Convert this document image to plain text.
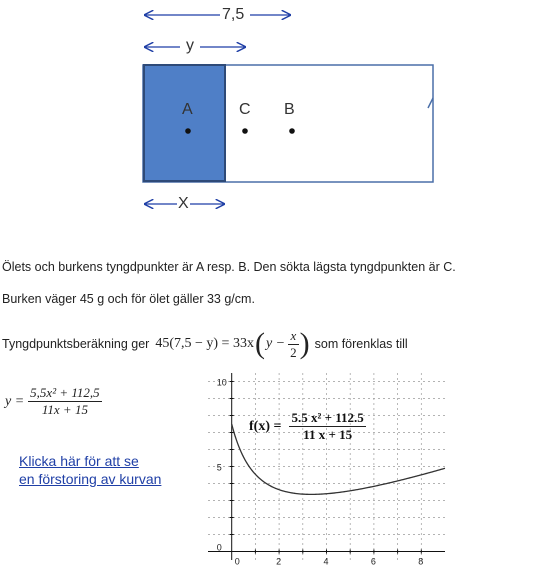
7,5
y
X
A	C B
Ölets och burkens tyngdpunkter är A resp. B. Den sökta lägsta tyngdpunkten är C.
Burken väger 45 g och för ölet gäller 33 g/cm.
Tyngdpunktsberäkning ger 45(7,5 − y) = 33x ( $y - \frac{x}{2}$ ) som förenklas till
$y = \frac{\text{5,5x² + 112,5}}{11x + 15}$
Klicka här för att se
en förstoring av kurvan
0	2	4	6	8
0
5
10
$f(x) = \frac{\text{5.5 x² + 112.5}}{11 x + 15}$
